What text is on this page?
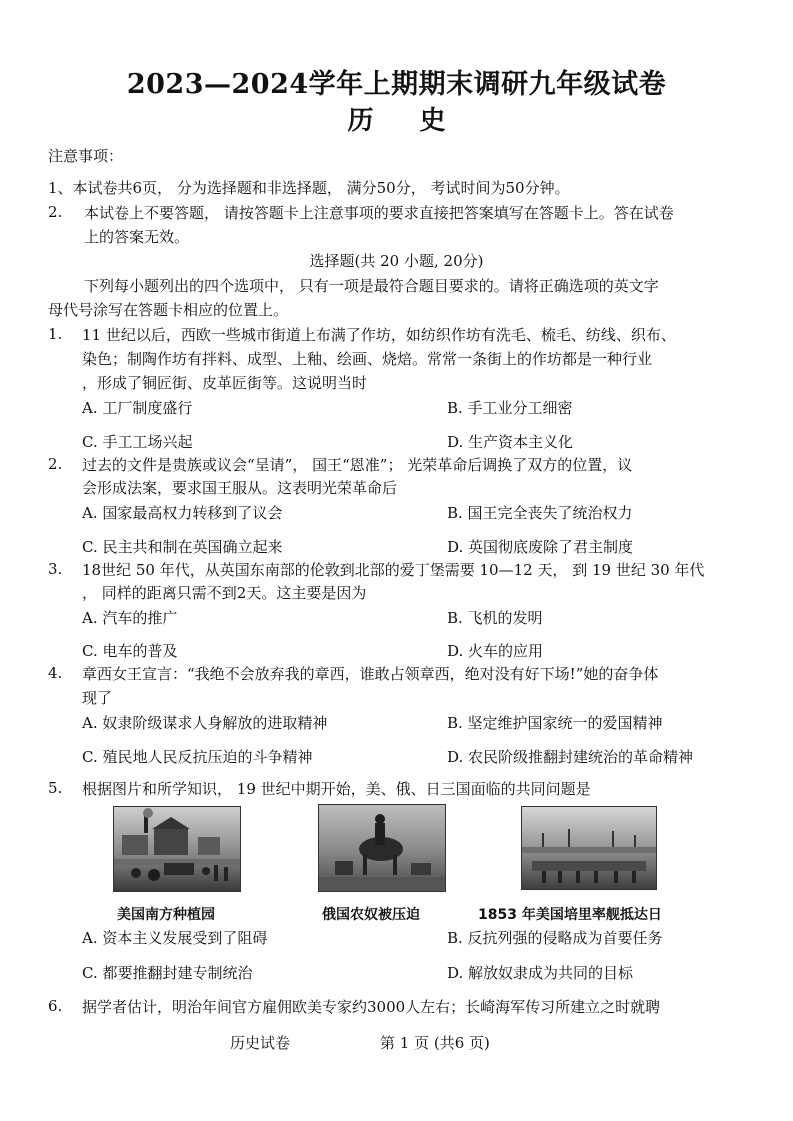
2023—2024学年上期期末调研九年级试卷
历 史
注意事项：
1、本试卷共6页， 分为选择题和非选择题， 满分50分， 考试时间为50分钟。
2. 本试卷上不要答题， 请按答题卡上注意事项的要求直接把答案填写在答题卡上。答在试卷
上的答案无效。
选择题(共 20 小题, 20分)
下列每小题列出的四个选项中， 只有一项是最符合题目要求的。请将正确选项的英文字
母代号涂写在答题卡相应的位置上。
1. 11 世纪以后，西欧一些城市街道上布满了作坊，如纺织作坊有洗毛、梳毛、纺线、织布、
染色；制陶作坊有拌料、成型、上釉、绘画、烧焙。常常一条街上的作坊都是一种行业
，形成了铜匠街、皮革匠街等。这说明当时
A. 工厂制度盛行	B. 手工业分工细密
C. 手工工场兴起	D. 生产资本主义化
2. 过去的文件是贵族或议会“呈请”， 国王“恩准”； 光荣革命后调换了双方的位置，议
会形成法案，要求国王服从。这表明光荣革命后
A. 国家最高权力转移到了议会	B. 国王完全丧失了统治权力
C. 民主共和制在英国确立起来	D. 英国彻底废除了君主制度
3. 18世纪 50 年代，从英国东南部的伦敦到北部的爱丁堡需要 10—12 天， 到 19 世纪 30 年代
， 同样的距离只需不到2天。这主要是因为
A. 汽车的推广	B. 飞机的发明
C. 电车的普及	D. 火车的应用
4. 章西女王宣言：“我绝不会放弃我的章西，谁敢占领章西，绝对没有好下场!”她的奋争体
现了
A. 奴隶阶级谋求人身解放的进取精神	B. 坚定维护国家统一的爱国精神
C. 殖民地人民反抗压迫的斗争精神	D. 农民阶级推翻封建统治的革命精神
5. 根据图片和所学知识， 19 世纪中期开始，美、俄、日三国面临的共同问题是
美国南方种植园	俄国农奴被压迫	1853 年美国培里率舰抵达日
A. 资本主义发展受到了阻碍	B. 反抗列强的侵略成为首要任务
C. 都要推翻封建专制统治	D. 解放奴隶成为共同的目标
6. 据学者估计，明治年间官方雇佣欧美专家约3000人左右；长崎海军传习所建立之时就聘
历史试卷	第 1 页 (共6 页)
